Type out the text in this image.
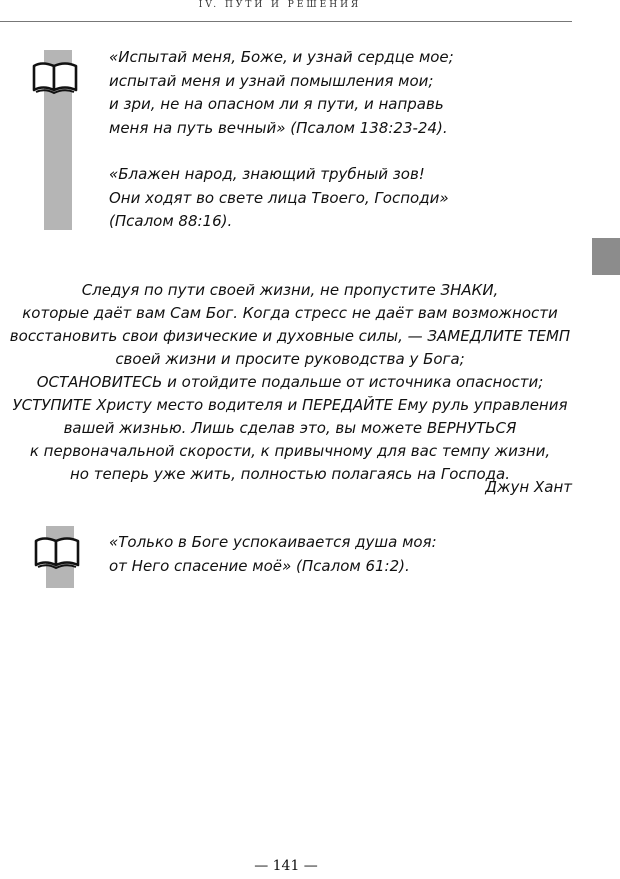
IV. ПУТИ И РЕШЕНИЯ

«Испытай меня, Боже, и узнай сердце мое;
испытай меня и узнай помышления мои;
и зри, не на опасном ли я пути, и направь
меня на путь вечный» (Псалом 138:23-24).

«Блажен народ, знающий трубный зов!
Они ходят во свете лица Твоего, Господи»
(Псалом 88:16).

Следуя по пути своей жизни, не пропустите ЗНАКИ,
которые даёт вам Сам Бог. Когда стресс не даёт вам возможности
восстановить свои физические и духовные силы, — ЗАМЕДЛИТЕ ТЕМП
своей жизни и просите руководства у Бога;
ОСТАНОВИТЕСЬ и отойдите подальше от источника опасности;
УСТУПИТЕ Христу место водителя и ПЕРЕДАЙТЕ Ему руль управления
вашей жизнью. Лишь сделав это, вы можете ВЕРНУТЬСЯ
к первоначальной скорости, к привычному для вас темпу жизни,
но теперь уже жить, полностью полагаясь на Господа.
Джун Хант

«Только в Боге успокаивается душа моя:
от Него спасение моё» (Псалом 61:2).

— 141 —
